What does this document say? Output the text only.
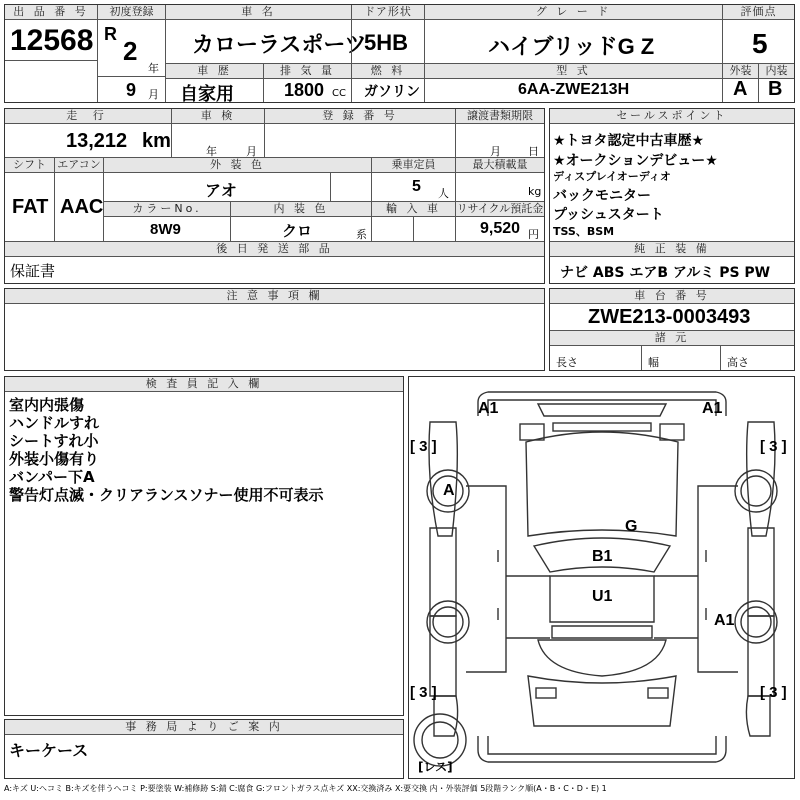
出 品 番 号
12568
初度登録
R
2
年
9 月
車 名
カローラスポーツ
ドア形状
5HB
グ レ ー ド
ハイブリッドG Z
評価点
5
車 歴
自家用
排 気 量
1800 CC
燃 料
ガソリン
型 式
6AA-ZWE213H
外装	内装
A B
走 行
13,212 km
車 検
年	月
登 録 番 号	譲渡書類期限
月 日
シフト	エアコン
FAT AAC
外 装 色
アオ
乗車定員
5 人
最大積載量
kg
カラーNo.
8W9
内 装 色
クロ	系
輸 入 車	リサイクル預託金
9,520 円
後 日 発 送 部 品
保証書
セールスポイント
★トヨタ認定中古車歴★
★オークションデビュー★
ディスプレイオーディオ
バックモニター
プッシュスタート
TSS、BSM
純 正 装 備
ナビ ABS エアB アルミ PS PW
注 意 事 項 欄	車 台 番 号
ZWE213-0003493
諸 元
長さ	幅	高さ
検 査 員 記 入 欄
室内内張傷
ハンドルすれ
シートすれ小
外装小傷有り
バンパー下A
警告灯点滅・クリアランスソナー使用不可表示
事 務 局 よ り ご 案 内
キーケース
A1	A1
A
G
B1
U1
A1
[ 3 ]	[ 3 ]
[ 3 ]	[ 3 ]
[レス]
A:キズ U:ヘコミ B:キズを伴うヘコミ P:要塗装 W:補修跡 S:錆 C:腐食 G:フロントガラス点キズ XX:交換済み X:要交換 内・外装評価 5段階ランク順(A・B・C・D・E) 1
